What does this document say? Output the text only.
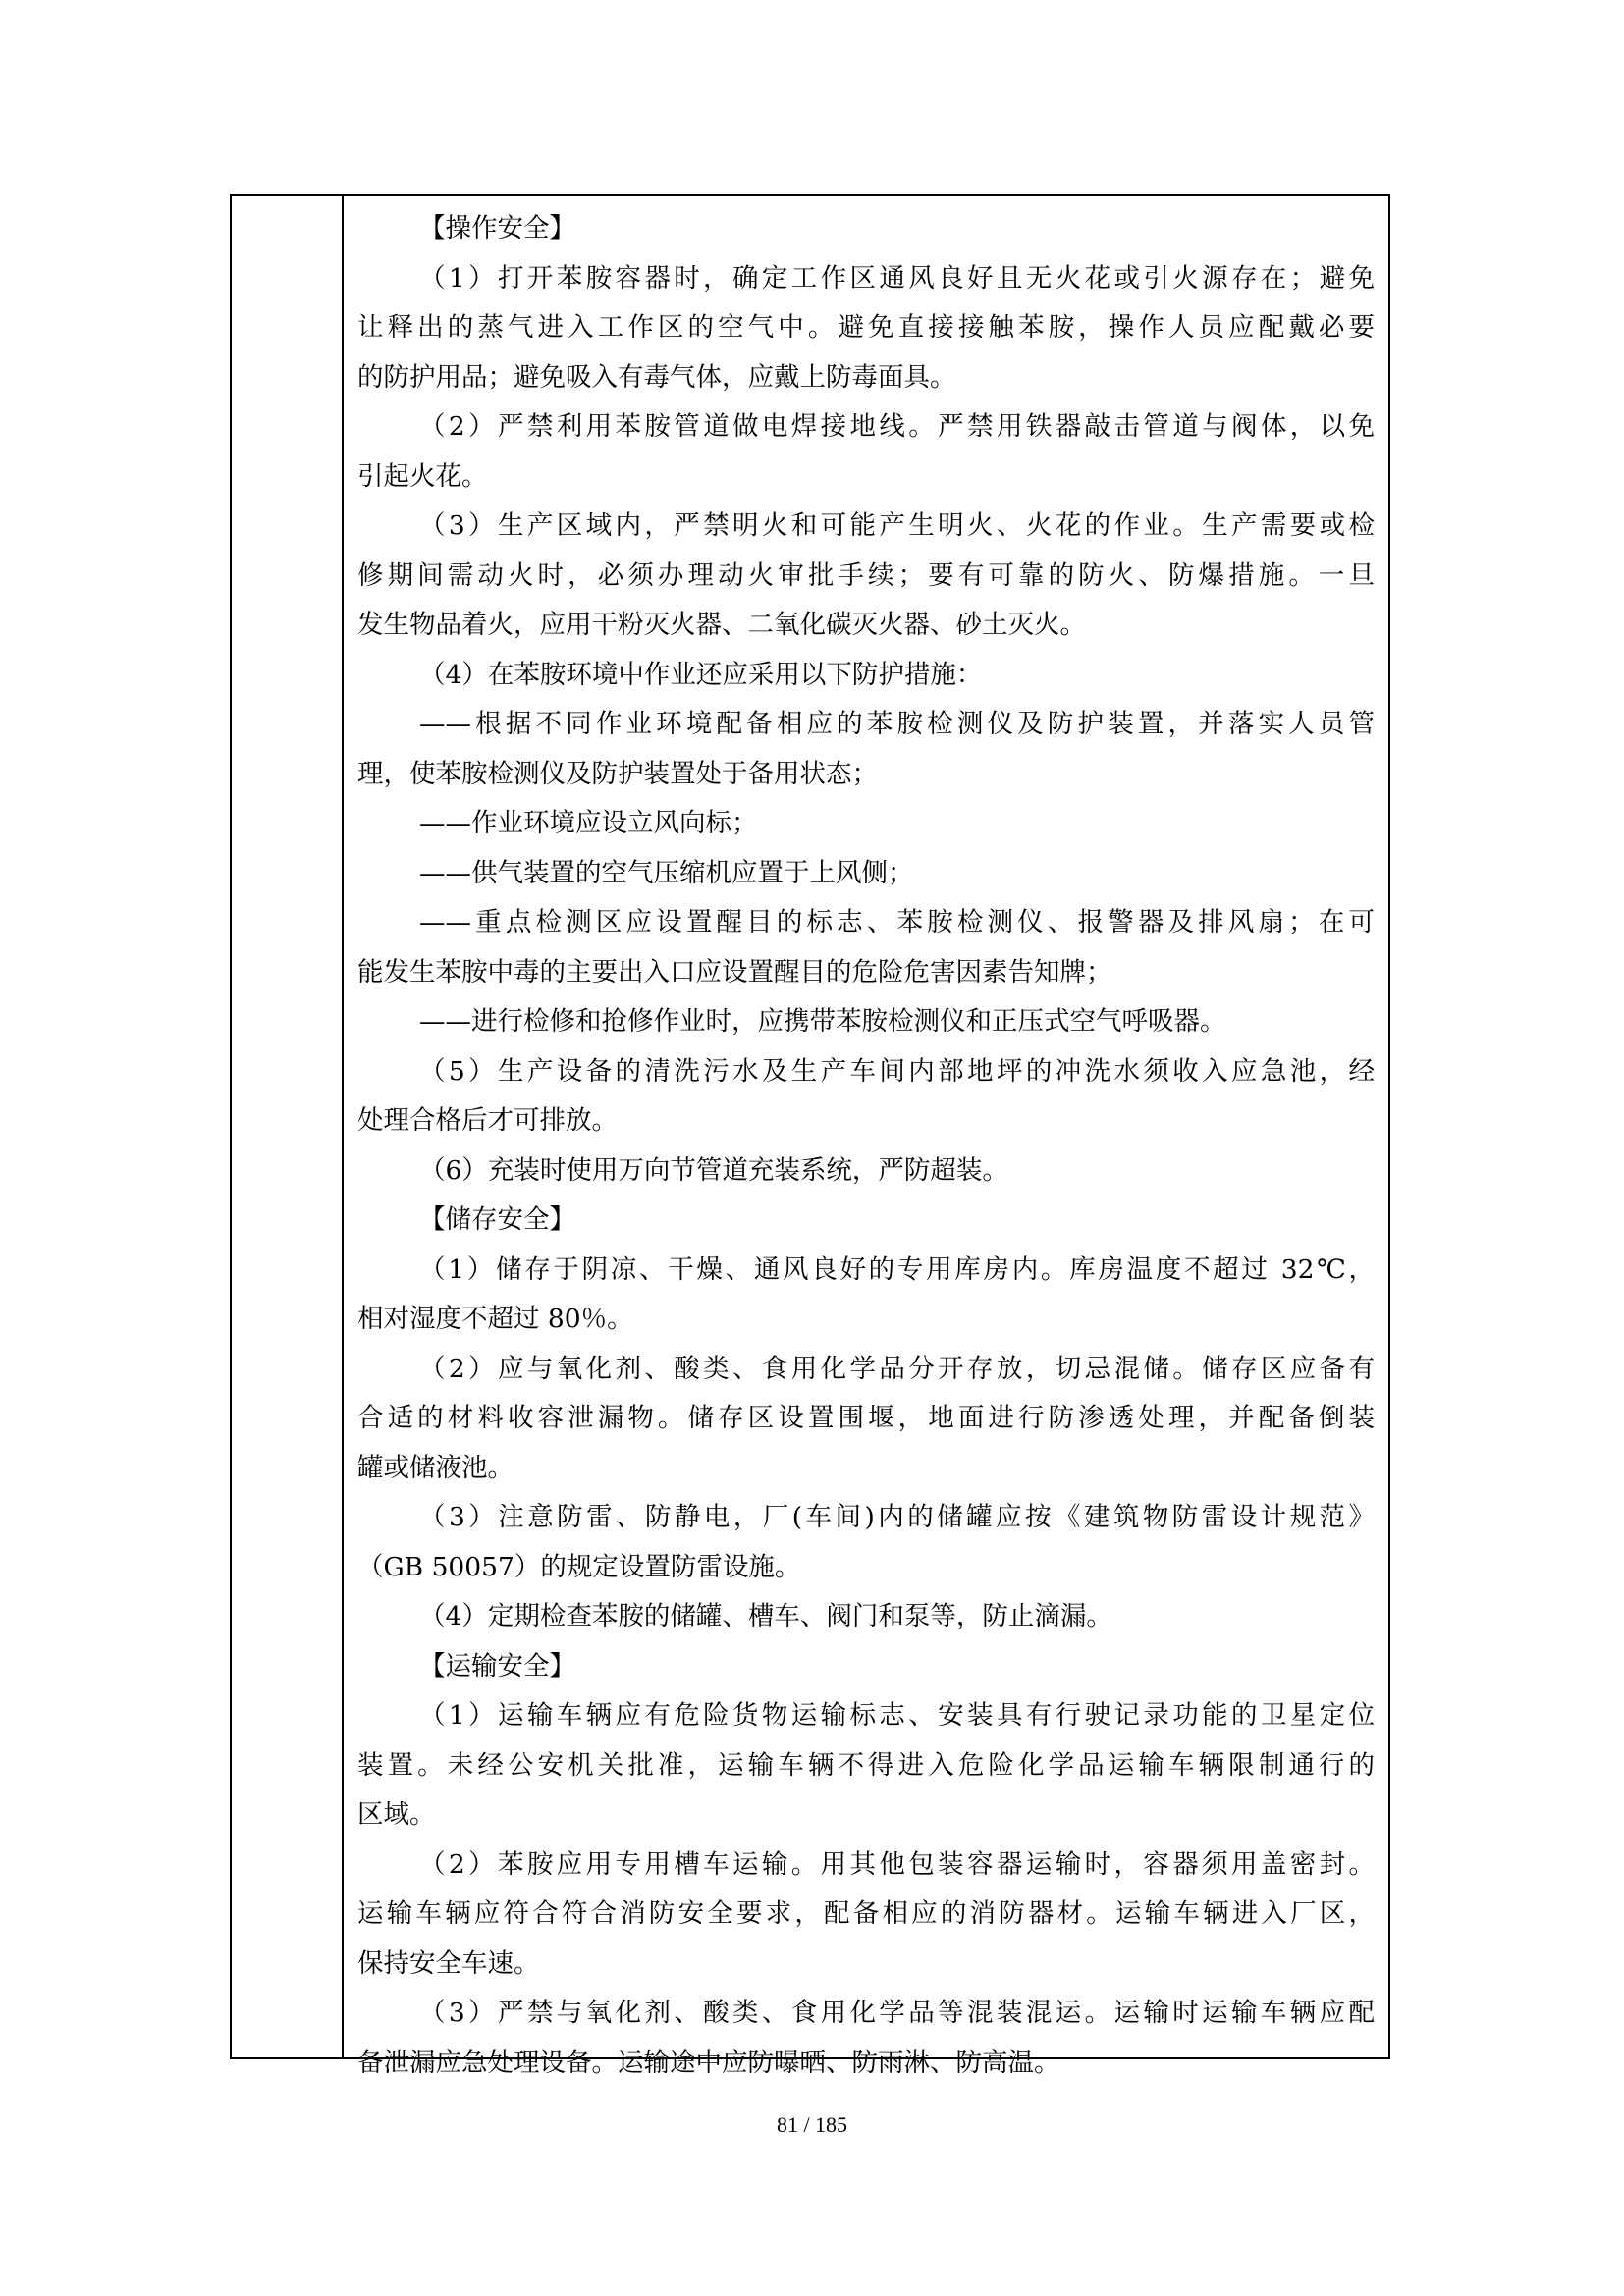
【操作安全】
（1）打开苯胺容器时，确定工作区通风良好且无火花或引火源存在；避免
让释出的蒸气进入工作区的空气中。避免直接接触苯胺，操作人员应配戴必要
的防护用品；避免吸入有毒气体，应戴上防毒面具。
（2）严禁利用苯胺管道做电焊接地线。严禁用铁器敲击管道与阀体，以免
引起火花。
（3）生产区域内，严禁明火和可能产生明火、火花的作业。生产需要或检
修期间需动火时，必须办理动火审批手续；要有可靠的防火、防爆措施。一旦
发生物品着火，应用干粉灭火器、二氧化碳灭火器、砂土灭火。
（4）在苯胺环境中作业还应采用以下防护措施：
——根据不同作业环境配备相应的苯胺检测仪及防护装置，并落实人员管
理，使苯胺检测仪及防护装置处于备用状态；
——作业环境应设立风向标；
——供气装置的空气压缩机应置于上风侧；
——重点检测区应设置醒目的标志、苯胺检测仪、报警器及排风扇；在可
能发生苯胺中毒的主要出入口应设置醒目的危险危害因素告知牌；
——进行检修和抢修作业时，应携带苯胺检测仪和正压式空气呼吸器。
（5）生产设备的清洗污水及生产车间内部地坪的冲洗水须收入应急池，经
处理合格后才可排放。
（6）充装时使用万向节管道充装系统，严防超装。
【储存安全】
（1）储存于阴凉、干燥、通风良好的专用库房内。库房温度不超过 32℃，
相对湿度不超过 80％。
（2）应与氧化剂、酸类、食用化学品分开存放，切忌混储。储存区应备有
合适的材料收容泄漏物。储存区设置围堰，地面进行防渗透处理，并配备倒装
罐或储液池。
（3）注意防雷、防静电，厂(车间)内的储罐应按《建筑物防雷设计规范》
（GB 50057）的规定设置防雷设施。
（4）定期检查苯胺的储罐、槽车、阀门和泵等，防止滴漏。
【运输安全】
（1）运输车辆应有危险货物运输标志、安装具有行驶记录功能的卫星定位
装置。未经公安机关批准，运输车辆不得进入危险化学品运输车辆限制通行的
区域。
（2）苯胺应用专用槽车运输。用其他包装容器运输时，容器须用盖密封。
运输车辆应符合符合消防安全要求，配备相应的消防器材。运输车辆进入厂区，
保持安全车速。
（3）严禁与氧化剂、酸类、食用化学品等混装混运。运输时运输车辆应配
备泄漏应急处理设备。运输途中应防曝晒、防雨淋、防高温。
81 / 185
